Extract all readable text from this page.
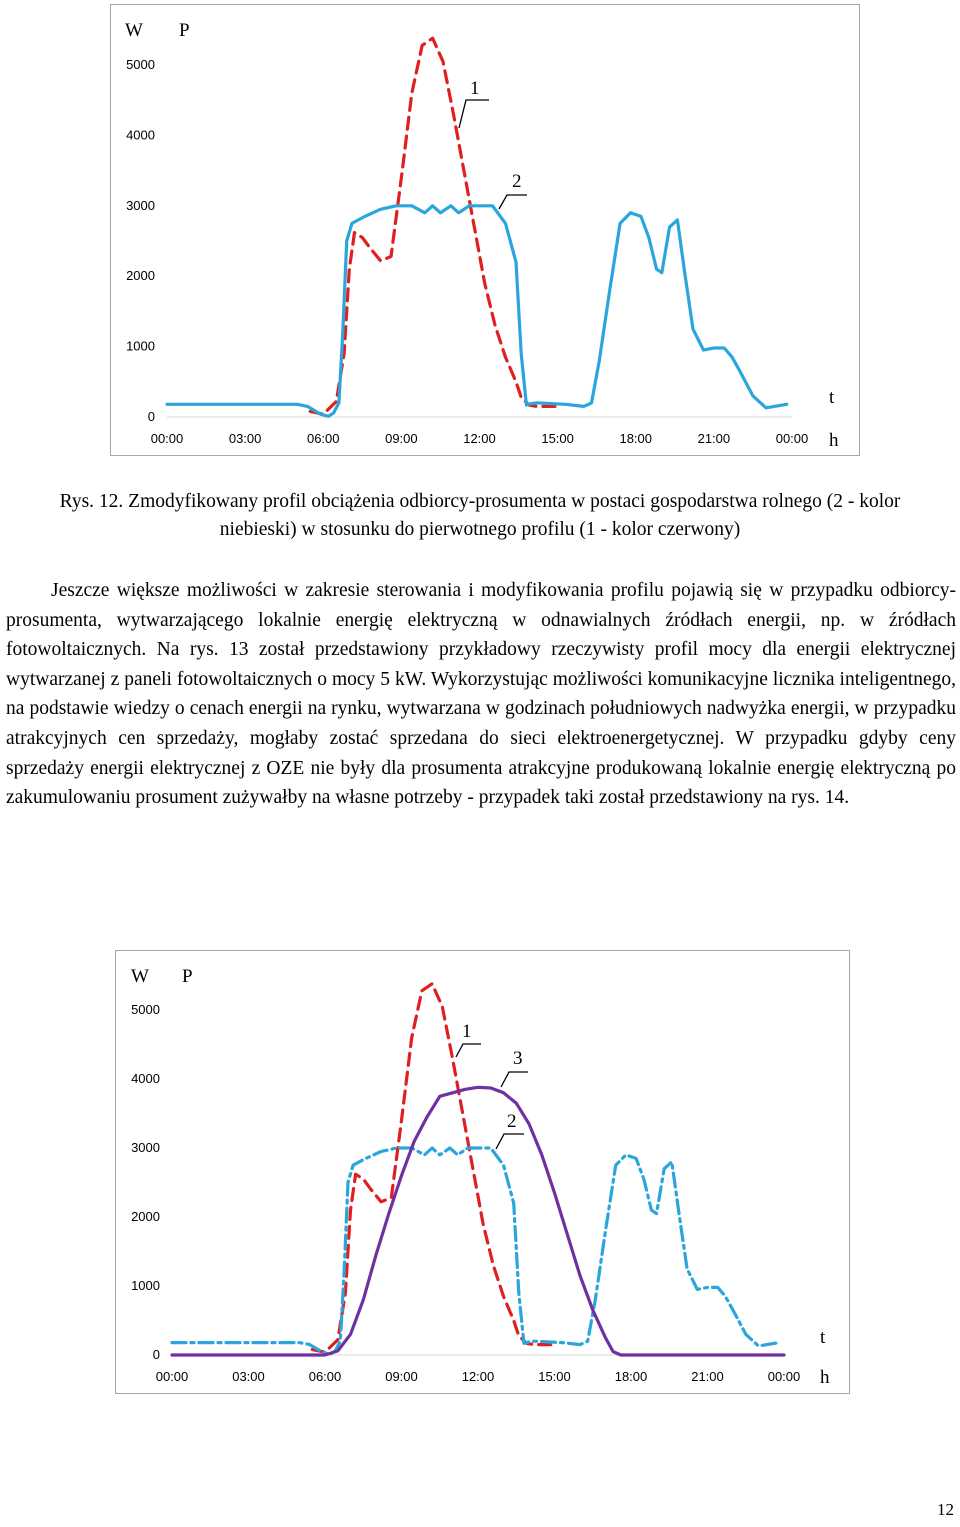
0
1000
2000
3000
4000
5000
00:00	03:00	06:00	09:00	12:00	15:00	18:00	21:00	00:00
W P
t
h
1
2
Rys. 12. Zmodyfikowany profil obciążenia odbiorcy-prosumenta w postaci gospodarstwa rolnego (2 - kolor niebieski) w stosunku do pierwotnego profilu (1 - kolor czerwony)

Jeszcze większe możliwości w zakresie sterowania i modyfikowania profilu pojawią się w przypadku odbiorcy-prosumenta, wytwarzającego lokalnie energię elektryczną w odnawialnych źródłach energii, np. w źródłach fotowoltaicznych. Na rys. 13 został przedstawiony przykładowy rzeczywisty profil mocy dla energii elektrycznej wytwarzanej z paneli fotowoltaicznych o mocy 5 kW. Wykorzystując możliwości komunikacyjne licznika inteligentnego, na podstawie wiedzy o cenach energii na rynku, wytwarzana w godzinach południowych nadwyżka energii, w przypadku atrakcyjnych cen sprzedaży, mogłaby zostać sprzedana do sieci elektroenergetycznej. W przypadku gdyby ceny sprzedaży energii elektrycznej z OZE nie były dla prosumenta atrakcyjne produkowaną lokalnie energię elektryczną po zakumulowaniu prosument zużywałby na własne potrzeby - przypadek taki został przedstawiony na rys. 14.

0
1000
2000
3000
4000
5000
00:00	03:00	06:00	09:00	12:00	15:00	18:00	21:00	00:00
W P
t
h
1
3
2
12
